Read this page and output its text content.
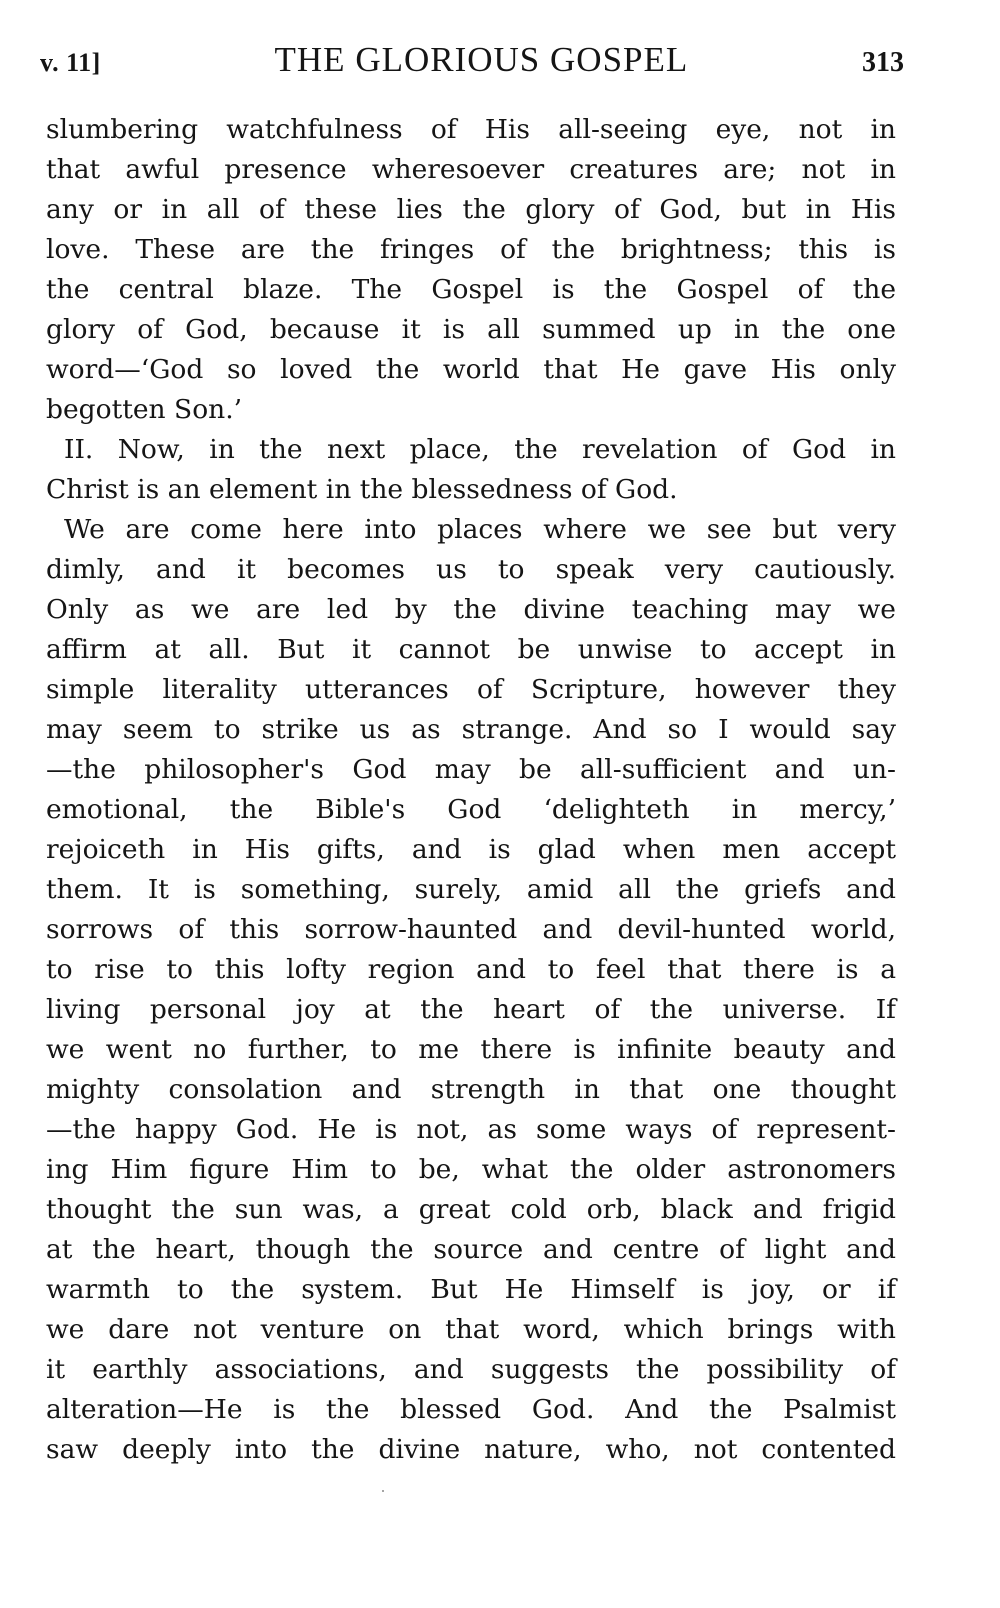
v. 11]	THE GLORIOUS GOSPEL	313
slumbering watchfulness of His all-seeing eye, not in
that awful presence wheresoever creatures are; not in
any or in all of these lies the glory of God, but in His
love. These are the fringes of the brightness; this is
the central blaze. The Gospel is the Gospel of the
glory of God, because it is all summed up in the one
word—‘God so loved the world that He gave His only
begotten Son.’
II. Now, in the next place, the revelation of God in
Christ is an element in the blessedness of God.
We are come here into places where we see but very
dimly, and it becomes us to speak very cautiously.
Only as we are led by the divine teaching may we
affirm at all. But it cannot be unwise to accept in
simple literality utterances of Scripture, however they
may seem to strike us as strange. And so I would say
—the philosopher's God may be all-sufficient and un-
emotional, the Bible's God ‘delighteth in mercy,’
rejoiceth in His gifts, and is glad when men accept
them. It is something, surely, amid all the griefs and
sorrows of this sorrow-haunted and devil-hunted world,
to rise to this lofty region and to feel that there is a
living personal joy at the heart of the universe. If
we went no further, to me there is infinite beauty and
mighty consolation and strength in that one thought
—the happy God. He is not, as some ways of represent-
ing Him figure Him to be, what the older astronomers
thought the sun was, a great cold orb, black and frigid
at the heart, though the source and centre of light and
warmth to the system. But He Himself is joy, or if
we dare not venture on that word, which brings with
it earthly associations, and suggests the possibility of
alteration—He is the blessed God. And the Psalmist
saw deeply into the divine nature, who, not contented
